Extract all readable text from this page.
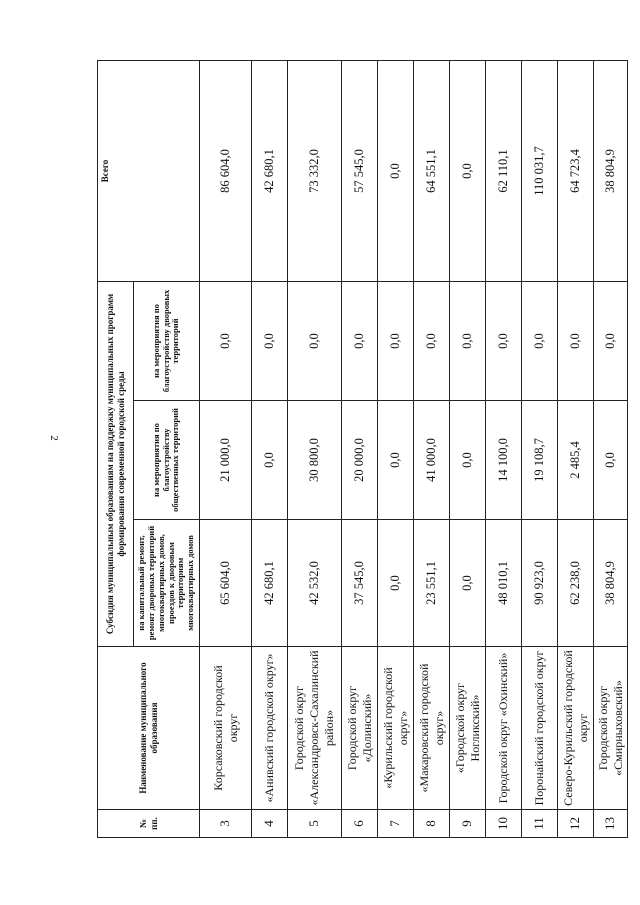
2
№ пп.	Наименование муниципального образования	Субсидия муниципальным образованиям на поддержку муниципальных программ формирования современной городской среды			Всего

		на капитальный ремонт, ремонт дворовых территорий многоквартирных домов, проездов к дворовым территориям многоквартирных домов	на мероприятия по благоустройству общественных территорий	на мероприятия по благоустройству дворовых территорий	
3	Корсаковский городской округ	65 604,0	21 000,0	0,0	86 604,0
4	«Анивский городской округ»	42 680,1	0,0	0,0	42 680,1
5	Городской округ «Александровск-Сахалинский район»	42 532,0	30 800,0	0,0	73 332,0
6	Городской округ «Долинский»	37 545,0	20 000,0	0,0	57 545,0
7	«Курильский городской округ»	0,0	0,0	0,0	0,0
8	«Макаровский городской округ»	23 551,1	41 000,0	0,0	64 551,1
9	«Городской округ Ногликский»	0,0	0,0	0,0	0,0
10	Городской округ «Охинский»	48 010,1	14 100,0	0,0	62 110,1
11	Поронайский городской округ	90 923,0	19 108,7	0,0	110 031,7
12	Северо-Курильский городской округ	62 238,0	2 485,4	0,0	64 723,4
13	Городской округ «Смирныховский»	38 804,9	0,0	0,0	38 804,9
